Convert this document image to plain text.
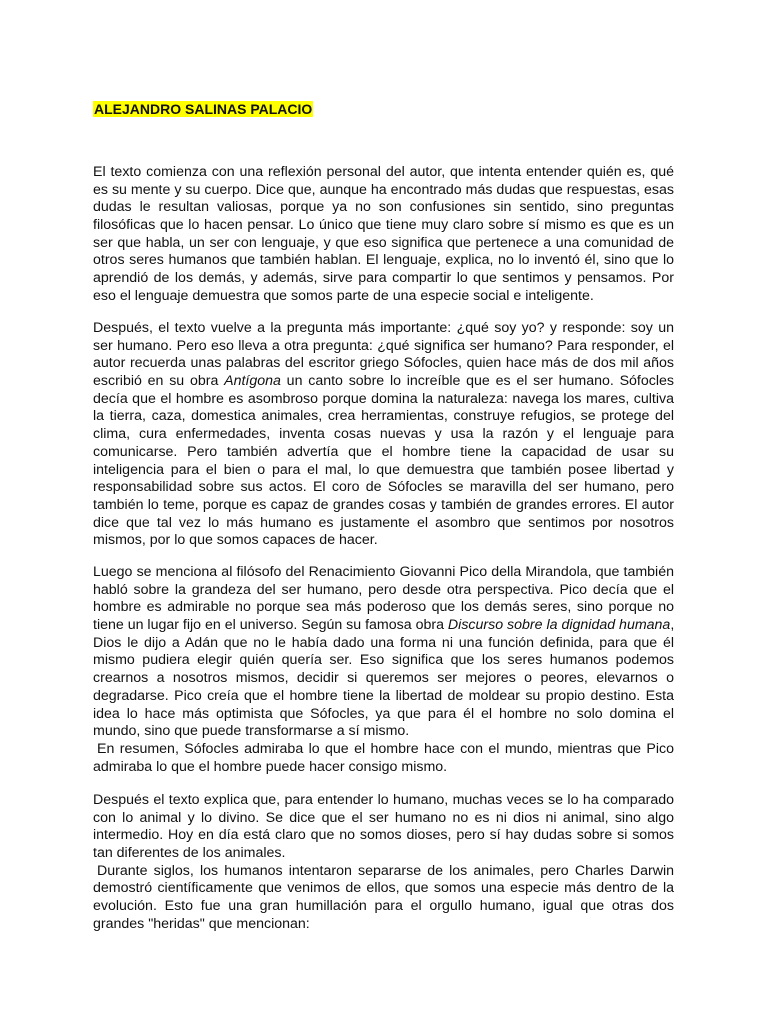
ALEJANDRO SALINAS PALACIO
El texto comienza con una reflexión personal del autor, que intenta entender quién es, qué
es su mente y su cuerpo. Dice que, aunque ha encontrado más dudas que respuestas, esas
dudas le resultan valiosas, porque ya no son confusiones sin sentido, sino preguntas
filosóficas que lo hacen pensar. Lo único que tiene muy claro sobre sí mismo es que es un
ser que habla, un ser con lenguaje, y que eso significa que pertenece a una comunidad de
otros seres humanos que también hablan. El lenguaje, explica, no lo inventó él, sino que lo
aprendió de los demás, y además, sirve para compartir lo que sentimos y pensamos. Por
eso el lenguaje demuestra que somos parte de una especie social e inteligente.
Después, el texto vuelve a la pregunta más importante: ¿qué soy yo? y responde: soy un
ser humano. Pero eso lleva a otra pregunta: ¿qué significa ser humano? Para responder, el
autor recuerda unas palabras del escritor griego Sófocles, quien hace más de dos mil años
escribió en su obra Antígona un canto sobre lo increíble que es el ser humano. Sófocles
decía que el hombre es asombroso porque domina la naturaleza: navega los mares, cultiva
la tierra, caza, domestica animales, crea herramientas, construye refugios, se protege del
clima, cura enfermedades, inventa cosas nuevas y usa la razón y el lenguaje para
comunicarse. Pero también advertía que el hombre tiene la capacidad de usar su
inteligencia para el bien o para el mal, lo que demuestra que también posee libertad y
responsabilidad sobre sus actos. El coro de Sófocles se maravilla del ser humano, pero
también lo teme, porque es capaz de grandes cosas y también de grandes errores. El autor
dice que tal vez lo más humano es justamente el asombro que sentimos por nosotros
mismos, por lo que somos capaces de hacer.
Luego se menciona al filósofo del Renacimiento Giovanni Pico della Mirandola, que también
habló sobre la grandeza del ser humano, pero desde otra perspectiva. Pico decía que el
hombre es admirable no porque sea más poderoso que los demás seres, sino porque no
tiene un lugar fijo en el universo. Según su famosa obra Discurso sobre la dignidad humana,
Dios le dijo a Adán que no le había dado una forma ni una función definida, para que él
mismo pudiera elegir quién quería ser. Eso significa que los seres humanos podemos
crearnos a nosotros mismos, decidir si queremos ser mejores o peores, elevarnos o
degradarse. Pico creía que el hombre tiene la libertad de moldear su propio destino. Esta
idea lo hace más optimista que Sófocles, ya que para él el hombre no solo domina el
mundo, sino que puede transformarse a sí mismo.
En resumen, Sófocles admiraba lo que el hombre hace con el mundo, mientras que Pico
admiraba lo que el hombre puede hacer consigo mismo.
Después el texto explica que, para entender lo humano, muchas veces se lo ha comparado
con lo animal y lo divino. Se dice que el ser humano no es ni dios ni animal, sino algo
intermedio. Hoy en día está claro que no somos dioses, pero sí hay dudas sobre si somos
tan diferentes de los animales.
Durante siglos, los humanos intentaron separarse de los animales, pero Charles Darwin
demostró científicamente que venimos de ellos, que somos una especie más dentro de la
evolución. Esto fue una gran humillación para el orgullo humano, igual que otras dos
grandes "heridas" que mencionan:
